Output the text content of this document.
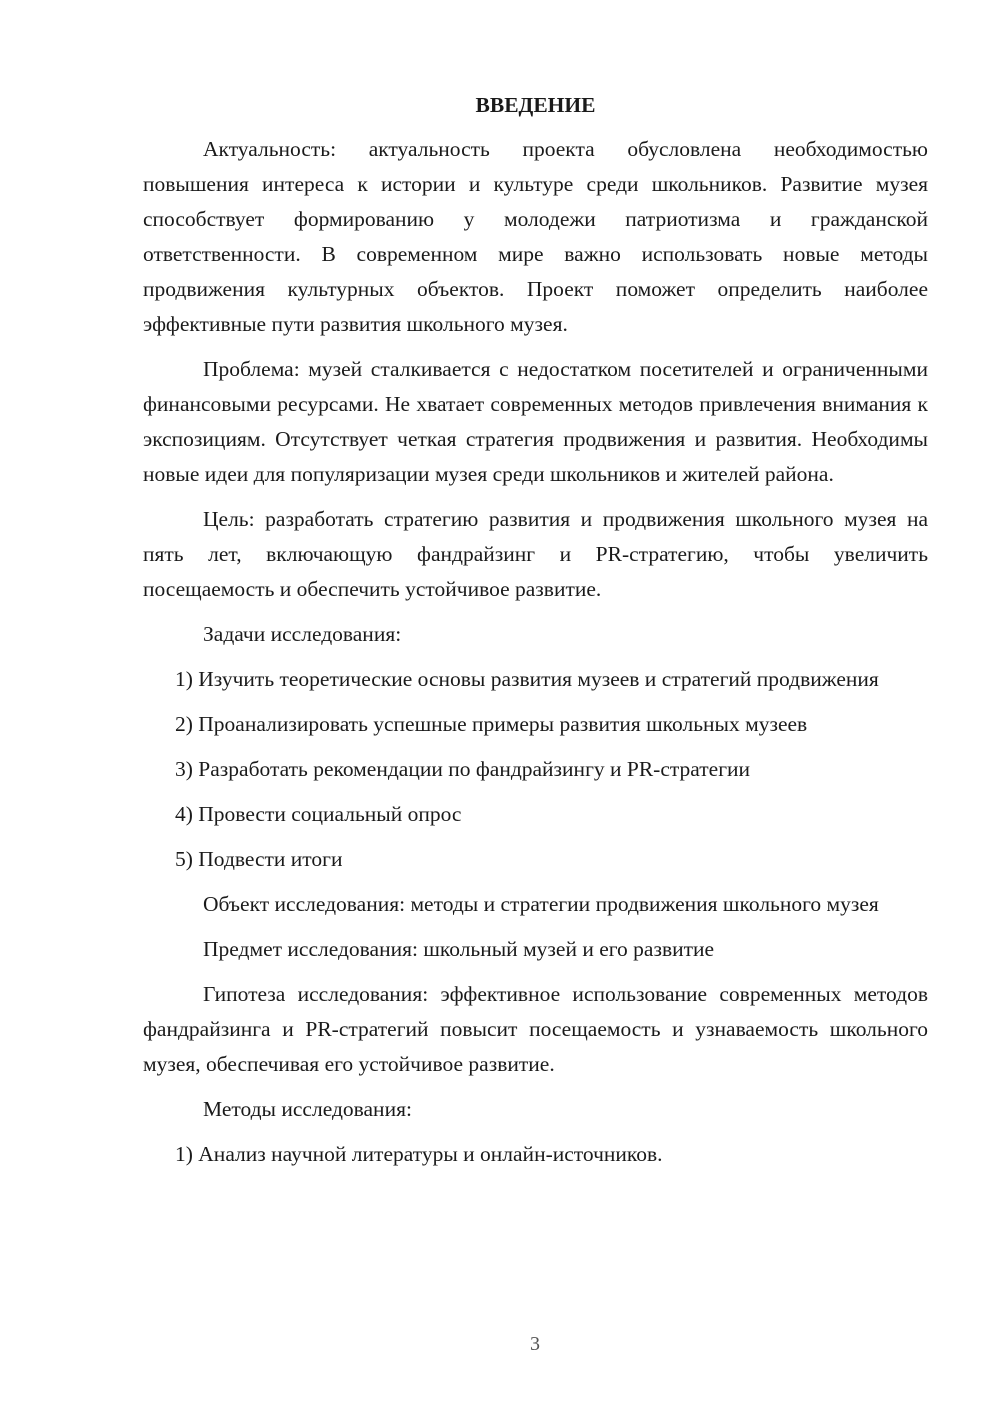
ВВЕДЕНИЕ

Актуальность: актуальность проекта обусловлена необходимостью повышения интереса к истории и культуре среди школьников. Развитие музея способствует формированию у молодежи патриотизма и гражданской ответственности. В современном мире важно использовать новые методы продвижения культурных объектов. Проект поможет определить наиболее эффективные пути развития школьного музея.

Проблема: музей сталкивается с недостатком посетителей и ограниченными финансовыми ресурсами. Не хватает современных методов привлечения внимания к экспозициям. Отсутствует четкая стратегия продвижения и развития. Необходимы новые идеи для популяризации музея среди школьников и жителей района.

Цель: разработать стратегию развития и продвижения школьного музея на пять лет, включающую фандрайзинг и PR-стратегию, чтобы увеличить посещаемость и обеспечить устойчивое развитие.

Задачи исследования:

1) Изучить теоретические основы развития музеев и стратегий продвижения

2) Проанализировать успешные примеры развития школьных музеев

3) Разработать рекомендации по фандрайзингу и PR-стратегии

4) Провести социальный опрос

5) Подвести итоги

Объект исследования: методы и стратегии продвижения школьного музея

Предмет исследования: школьный музей и его развитие

Гипотеза исследования: эффективное использование современных методов фандрайзинга и PR-стратегий повысит посещаемость и узнаваемость школьного музея, обеспечивая его устойчивое развитие.

Методы исследования:

1) Анализ научной литературы и онлайн-источников.

3
